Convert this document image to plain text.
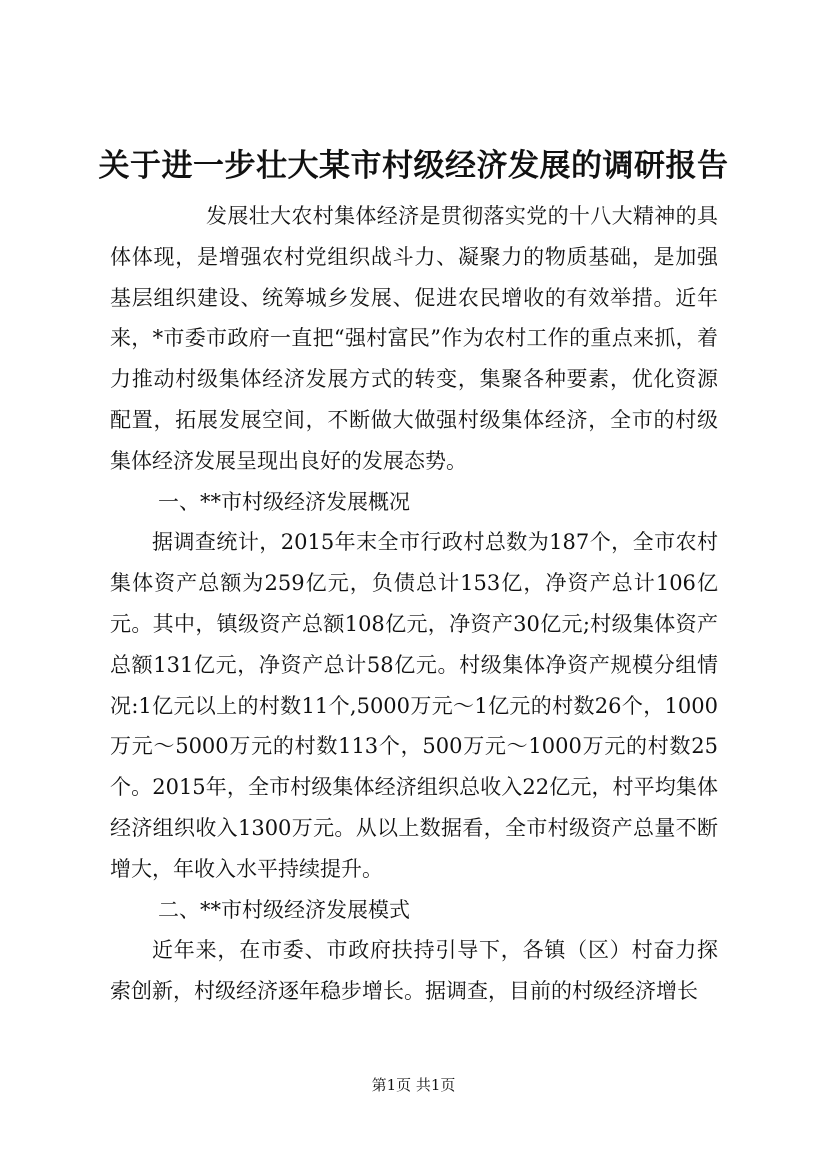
关于进一步壮大某市村级经济发展的调研报告

发展壮大农村集体经济是贯彻落实党的十八大精神的具体体现，是增强农村党组织战斗力、凝聚力的物质基础，是加强基层组织建设、统筹城乡发展、促进农民增收的有效举措。近年来，*市委市政府一直把“强村富民”作为农村工作的重点来抓，着力推动村级集体经济发展方式的转变，集聚各种要素，优化资源配置，拓展发展空间，不断做大做强村级集体经济，全市的村级集体经济发展呈现出良好的发展态势。

一、**市村级经济发展概况

据调查统计，2015年末全市行政村总数为187个，全市农村集体资产总额为259亿元，负债总计153亿，净资产总计106亿元。其中，镇级资产总额108亿元，净资产30亿元;村级集体资产总额131亿元，净资产总计58亿元。村级集体净资产规模分组情况:1亿元以上的村数11个,5000万元～1亿元的村数26个，1000万元～5000万元的村数113个，500万元～1000万元的村数25个。2015年，全市村级集体经济组织总收入22亿元，村平均集体经济组织收入1300万元。从以上数据看，全市村级资产总量不断增大，年收入水平持续提升。

二、**市村级经济发展模式

近年来，在市委、市政府扶持引导下，各镇（区）村奋力探索创新，村级经济逐年稳步增长。据调查，目前的村级经济增长

第1页 共1页
